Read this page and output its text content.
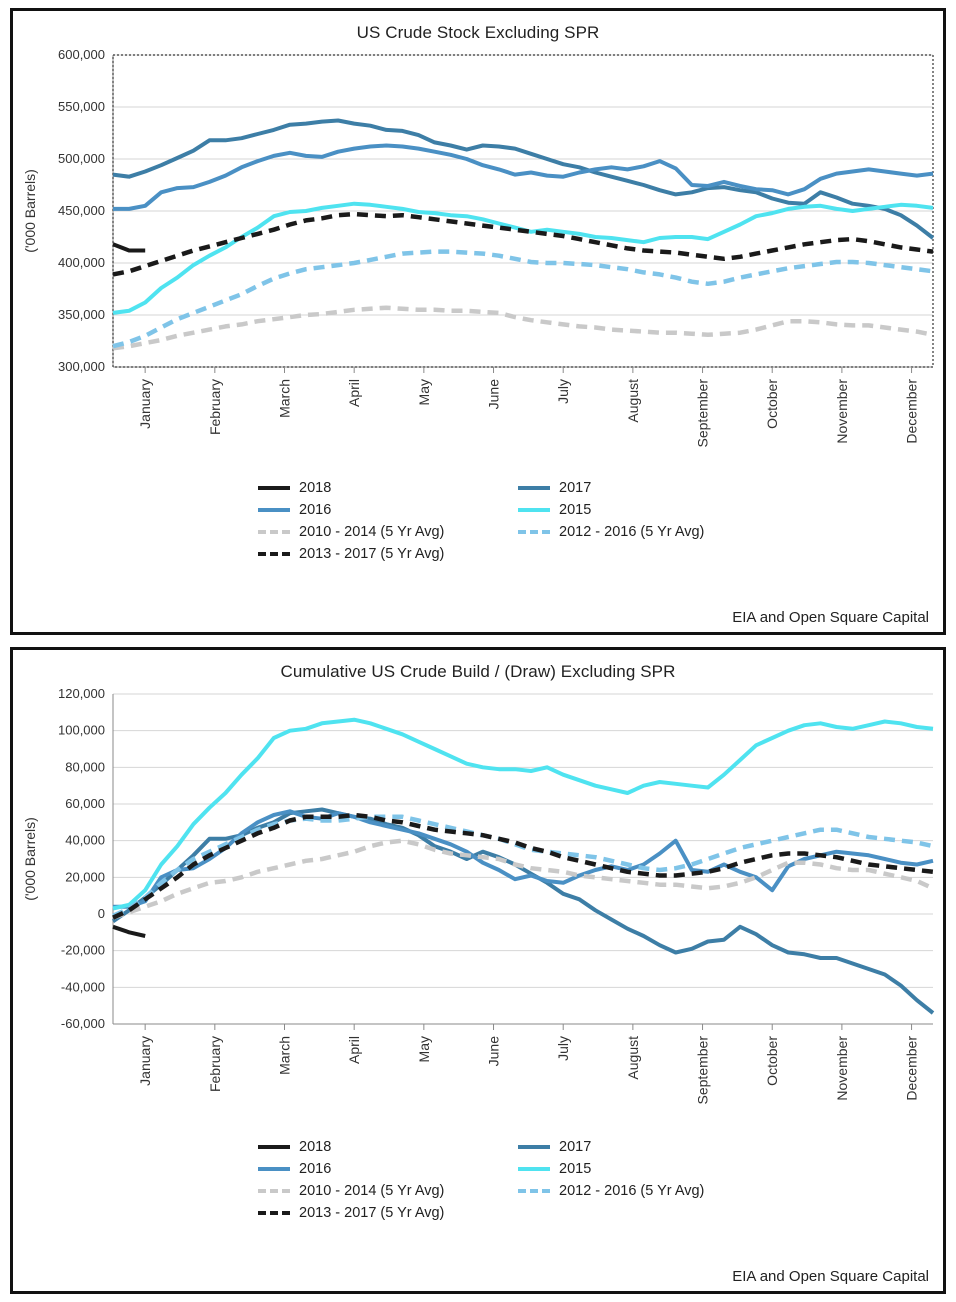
US Crude Stock Excluding SPR
300,000
350,000
400,000
450,000
500,000
550,000
600,000
January	February	March	April	May	June	July	August	September	October	November	December
('000 Barrels)
2018	2017
2016	2015
2010 - 2014 (5 Yr Avg)	2012 - 2016 (5 Yr Avg)
2013 - 2017 (5 Yr Avg)
EIA and Open Square Capital
Cumulative US Crude Build / (Draw) Excluding SPR
-60,000
-40,000
-20,000
0
20,000
40,000
60,000
80,000
100,000
120,000
January	February	March	April	May	June	July	August	September	October	November	December
('000 Barrels)
2018	2017
2016	2015
2010 - 2014 (5 Yr Avg)	2012 - 2016 (5 Yr Avg)
2013 - 2017 (5 Yr Avg)
EIA and Open Square Capital
